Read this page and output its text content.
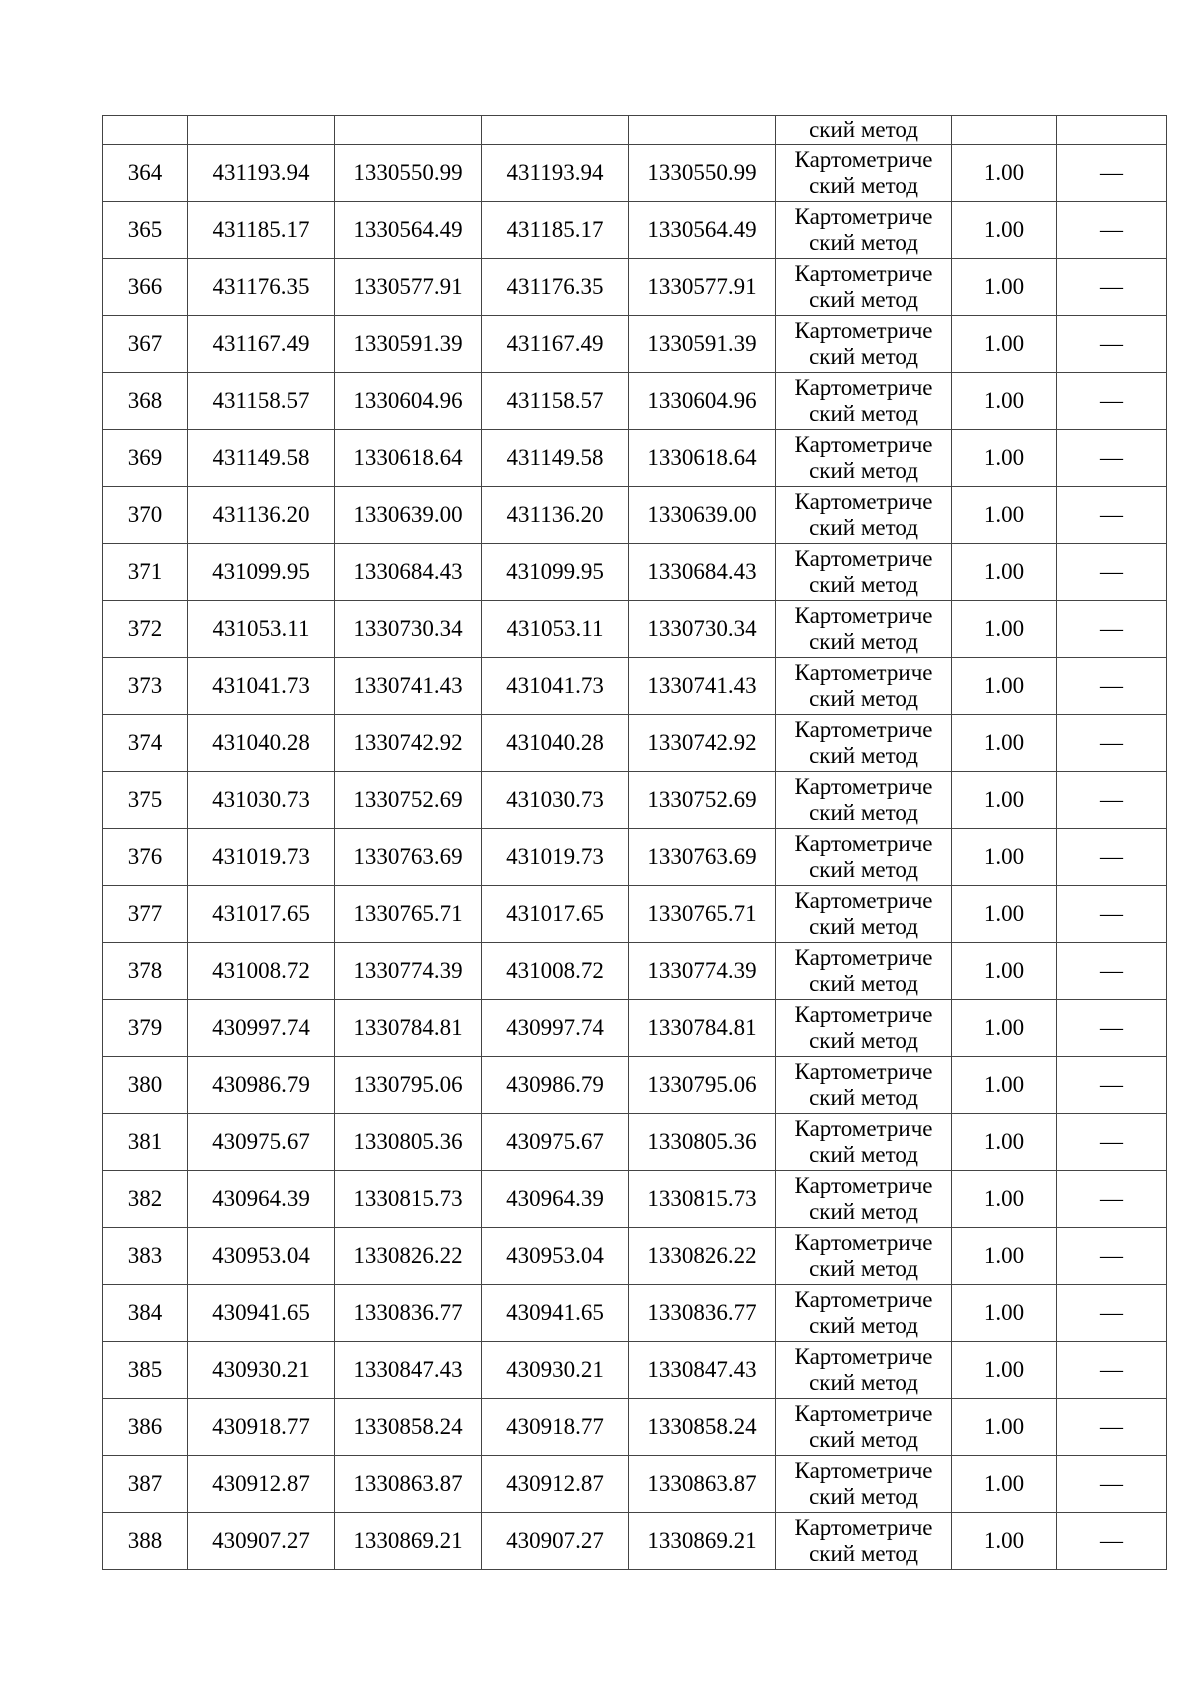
					ский метод		
364	431193.94	1330550.99	431193.94	1330550.99	Картометриче
ский метод	1.00	—
365	431185.17	1330564.49	431185.17	1330564.49	Картометриче
ский метод	1.00	—
366	431176.35	1330577.91	431176.35	1330577.91	Картометриче
ский метод	1.00	—
367	431167.49	1330591.39	431167.49	1330591.39	Картометриче
ский метод	1.00	—
368	431158.57	1330604.96	431158.57	1330604.96	Картометриче
ский метод	1.00	—
369	431149.58	1330618.64	431149.58	1330618.64	Картометриче
ский метод	1.00	—
370	431136.20	1330639.00	431136.20	1330639.00	Картометриче
ский метод	1.00	—
371	431099.95	1330684.43	431099.95	1330684.43	Картометриче
ский метод	1.00	—
372	431053.11	1330730.34	431053.11	1330730.34	Картометриче
ский метод	1.00	—
373	431041.73	1330741.43	431041.73	1330741.43	Картометриче
ский метод	1.00	—
374	431040.28	1330742.92	431040.28	1330742.92	Картометриче
ский метод	1.00	—
375	431030.73	1330752.69	431030.73	1330752.69	Картометриче
ский метод	1.00	—
376	431019.73	1330763.69	431019.73	1330763.69	Картометриче
ский метод	1.00	—
377	431017.65	1330765.71	431017.65	1330765.71	Картометриче
ский метод	1.00	—
378	431008.72	1330774.39	431008.72	1330774.39	Картометриче
ский метод	1.00	—
379	430997.74	1330784.81	430997.74	1330784.81	Картометриче
ский метод	1.00	—
380	430986.79	1330795.06	430986.79	1330795.06	Картометриче
ский метод	1.00	—
381	430975.67	1330805.36	430975.67	1330805.36	Картометриче
ский метод	1.00	—
382	430964.39	1330815.73	430964.39	1330815.73	Картометриче
ский метод	1.00	—
383	430953.04	1330826.22	430953.04	1330826.22	Картометриче
ский метод	1.00	—
384	430941.65	1330836.77	430941.65	1330836.77	Картометриче
ский метод	1.00	—
385	430930.21	1330847.43	430930.21	1330847.43	Картометриче
ский метод	1.00	—
386	430918.77	1330858.24	430918.77	1330858.24	Картометриче
ский метод	1.00	—
387	430912.87	1330863.87	430912.87	1330863.87	Картометриче
ский метод	1.00	—
388	430907.27	1330869.21	430907.27	1330869.21	Картометриче
ский метод	1.00	—
